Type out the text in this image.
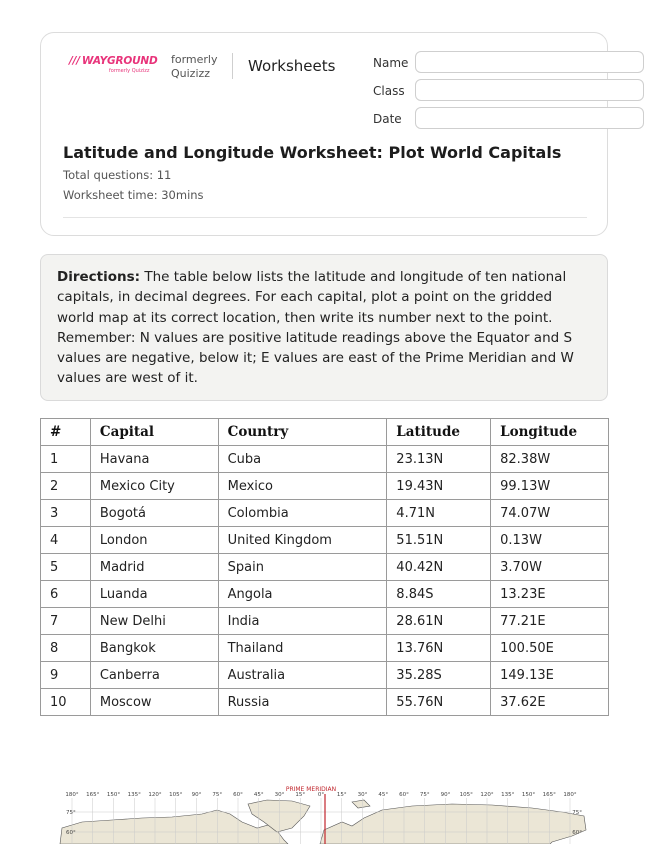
/// WAYGROUND
formerly Quizizz
formerly
Quizizz	Worksheets	Name
Class
Date
Latitude and Longitude Worksheet: Plot World Capitals
Total questions: 11
Worksheet time: 30mins
Directions: The table below lists the latitude and longitude of ten national capitals, in decimal degrees. For each capital, plot a point on the gridded world map at its correct location, then write its number next to the point. Remember: N values are positive latitude readings above the Equator and S values are negative, below it; E values are east of the Prime Meridian and W values are west of it.
#	Capital	Country	Latitude	Longitude
1	Havana	Cuba	23.13N	82.38W
2	Mexico City	Mexico	19.43N	99.13W
3	Bogotá	Colombia	4.71N	74.07W
4	London	United Kingdom	51.51N	0.13W
5	Madrid	Spain	40.42N	3.70W
6	Luanda	Angola	8.84S	13.23E
7	New Delhi	India	28.61N	77.21E
8	Bangkok	Thailand	13.76N	100.50E
9	Canberra	Australia	35.28S	149.13E
10	Moscow	Russia	55.76N	37.62E
180° 165° 150° 135° 120° 105° 90° 75° 60° 45° 30° 15° 0° 15° 30° 45° 60° 75° 90° 105° 120° 135° 150° 165° 180°
75°	75°
60°	60°
PRIME MERIDIAN
